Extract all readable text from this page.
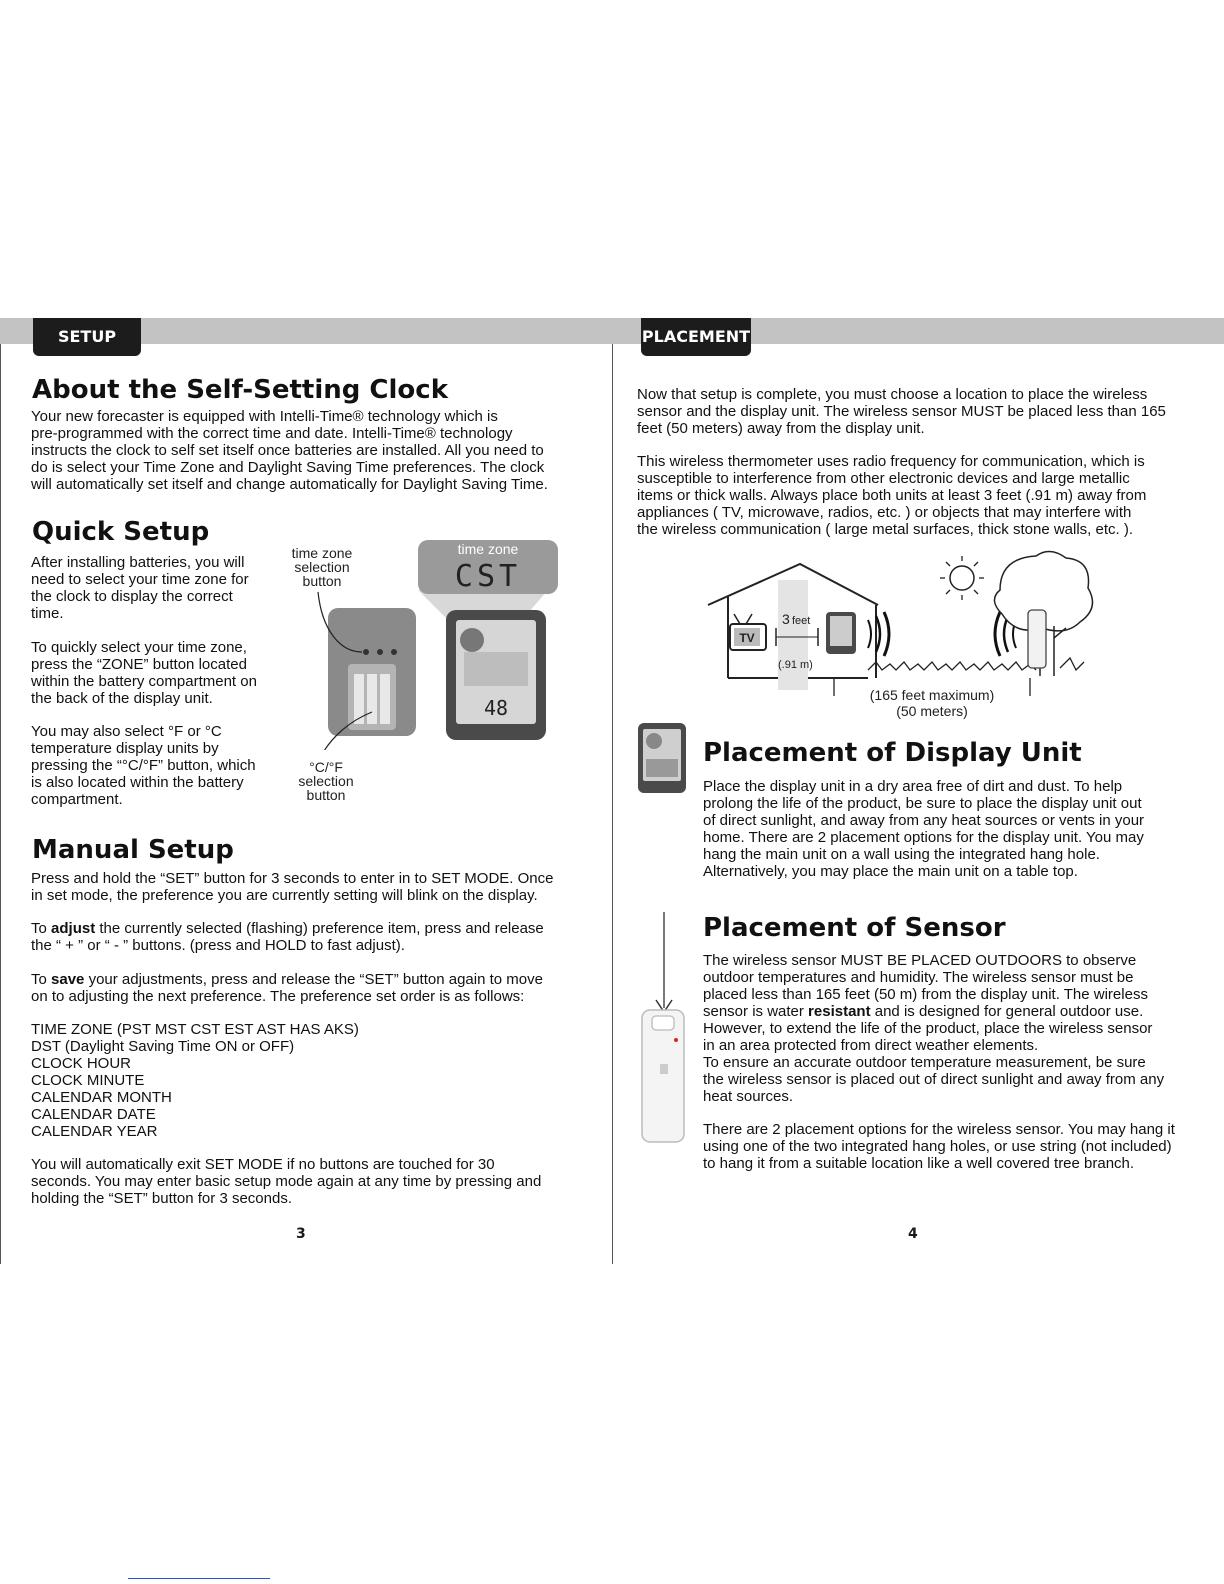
SETUP	PLACEMENT
About the Self-Setting Clock
Your new forecaster is equipped with Intelli-Time® technology which is
pre-programmed with the correct time and date. Intelli-Time® technology
instructs the clock to self set itself once batteries are installed. All you need to
do is select your Time Zone and Daylight Saving Time preferences. The clock
will automatically set itself and change automatically for Daylight Saving Time.
Quick Setup
After installing batteries, you will
need to select your time zone for
the clock to display the correct
time.
To quickly select your time zone,
press the “ZONE” button located
within the battery compartment on
the back of the display unit.
You may also select °F or °C
temperature display units by
pressing the “°C/°F” button, which
is also located within the battery
compartment.
time zone
selection
button
°C/°F
selection
button
time zone
CST
48
Manual Setup
Press and hold the “SET” button for 3 seconds to enter in to SET MODE. Once
in set mode, the preference you are currently setting will blink on the display.
To adjust the currently selected (flashing) preference item, press and release
the “ + ” or “ - ” buttons. (press and HOLD to fast adjust).
To save your adjustments, press and release the “SET” button again to move
on to adjusting the next preference. The preference set order is as follows:
TIME ZONE (PST MST CST EST AST HAS AKS)
DST (Daylight Saving Time ON or OFF)
CLOCK HOUR
CLOCK MINUTE
CALENDAR MONTH
CALENDAR DATE
CALENDAR YEAR
You will automatically exit SET MODE if no buttons are touched for 30
seconds. You may enter basic setup mode again at any time by pressing and
holding the “SET” button for 3 seconds.
3
Now that setup is complete, you must choose a location to place the wireless
sensor and the display unit. The wireless sensor MUST be placed less than 165
feet (50 meters) away from the display unit.
This wireless thermometer uses radio frequency for communication, which is
susceptible to interference from other electronic devices and large metallic
items or thick walls. Always place both units at least 3 feet (.91 m) away from
appliances ( TV, microwave, radios, etc. ) or objects that may interfere with
the wireless communication ( large metal surfaces, thick stone walls, etc. ).
TV
3 feet
(.91 m)
(165 feet maximum)
(50 meters)
Placement of Display Unit
Place the display unit in a dry area free of dirt and dust. To help
prolong the life of the product, be sure to place the display unit out
of direct sunlight, and away from any heat sources or vents in your
home. There are 2 placement options for the display unit. You may
hang the main unit on a wall using the integrated hang hole.
Alternatively, you may place the main unit on a table top.
Placement of Sensor
The wireless sensor MUST BE PLACED OUTDOORS to observe
outdoor temperatures and humidity. The wireless sensor must be
placed less than 165 feet (50 m) from the display unit. The wireless
sensor is water resistant and is designed for general outdoor use.
However, to extend the life of the product, place the wireless sensor
in an area protected from direct weather elements.
To ensure an accurate outdoor temperature measurement, be sure
the wireless sensor is placed out of direct sunlight and away from any
heat sources.
There are 2 placement options for the wireless sensor. You may hang it
using one of the two integrated hang holes, or use string (not included)
to hang it from a suitable location like a well covered tree branch.
4
